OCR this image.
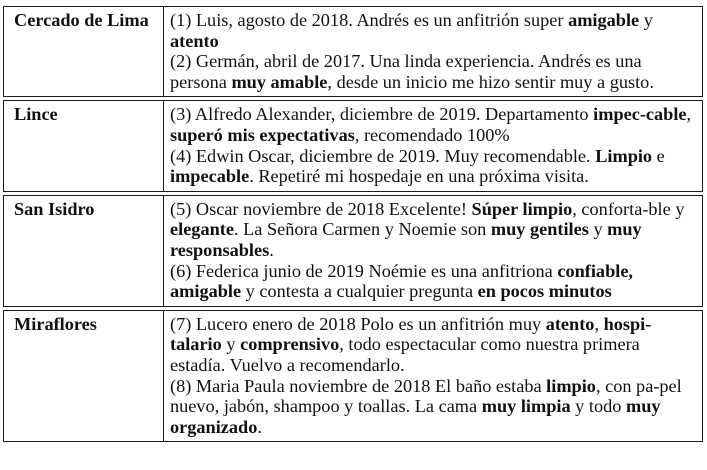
Cercado de Lima	(1) Luis, agosto de 2018. Andrés es un anfitrión super amigable y atento
(2) Germán, abril de 2017. Una linda experiencia. Andrés es una persona muy amable, desde un inicio me hizo sentir muy a gusto.

Lince	(3) Alfredo Alexander, diciembre de 2019. Departamento impec-cable, superó mis expectativas, recomendado 100%
(4) Edwin Oscar, diciembre de 2019. Muy recomendable. Limpio e impecable. Repetiré mi hospedaje en una próxima visita.

San Isidro	(5) Oscar noviembre de 2018 Excelente! Súper limpio, conforta-ble y elegante. La Señora Carmen y Noemie son muy gentiles y muy responsables.
(6) Federica junio de 2019 Noémie es una anfitriona confiable, amigable y contesta a cualquier pregunta en pocos minutos

Miraflores	(7) Lucero enero de 2018 Polo es un anfitrión muy atento, hospi-talario y comprensivo, todo espectacular como nuestra primera estadía. Vuelvo a recomendarlo.
(8) Maria Paula noviembre de 2018 El baño estaba limpio, con pa-pel nuevo, jabón, shampoo y toallas. La cama muy limpia y todo muy organizado.
